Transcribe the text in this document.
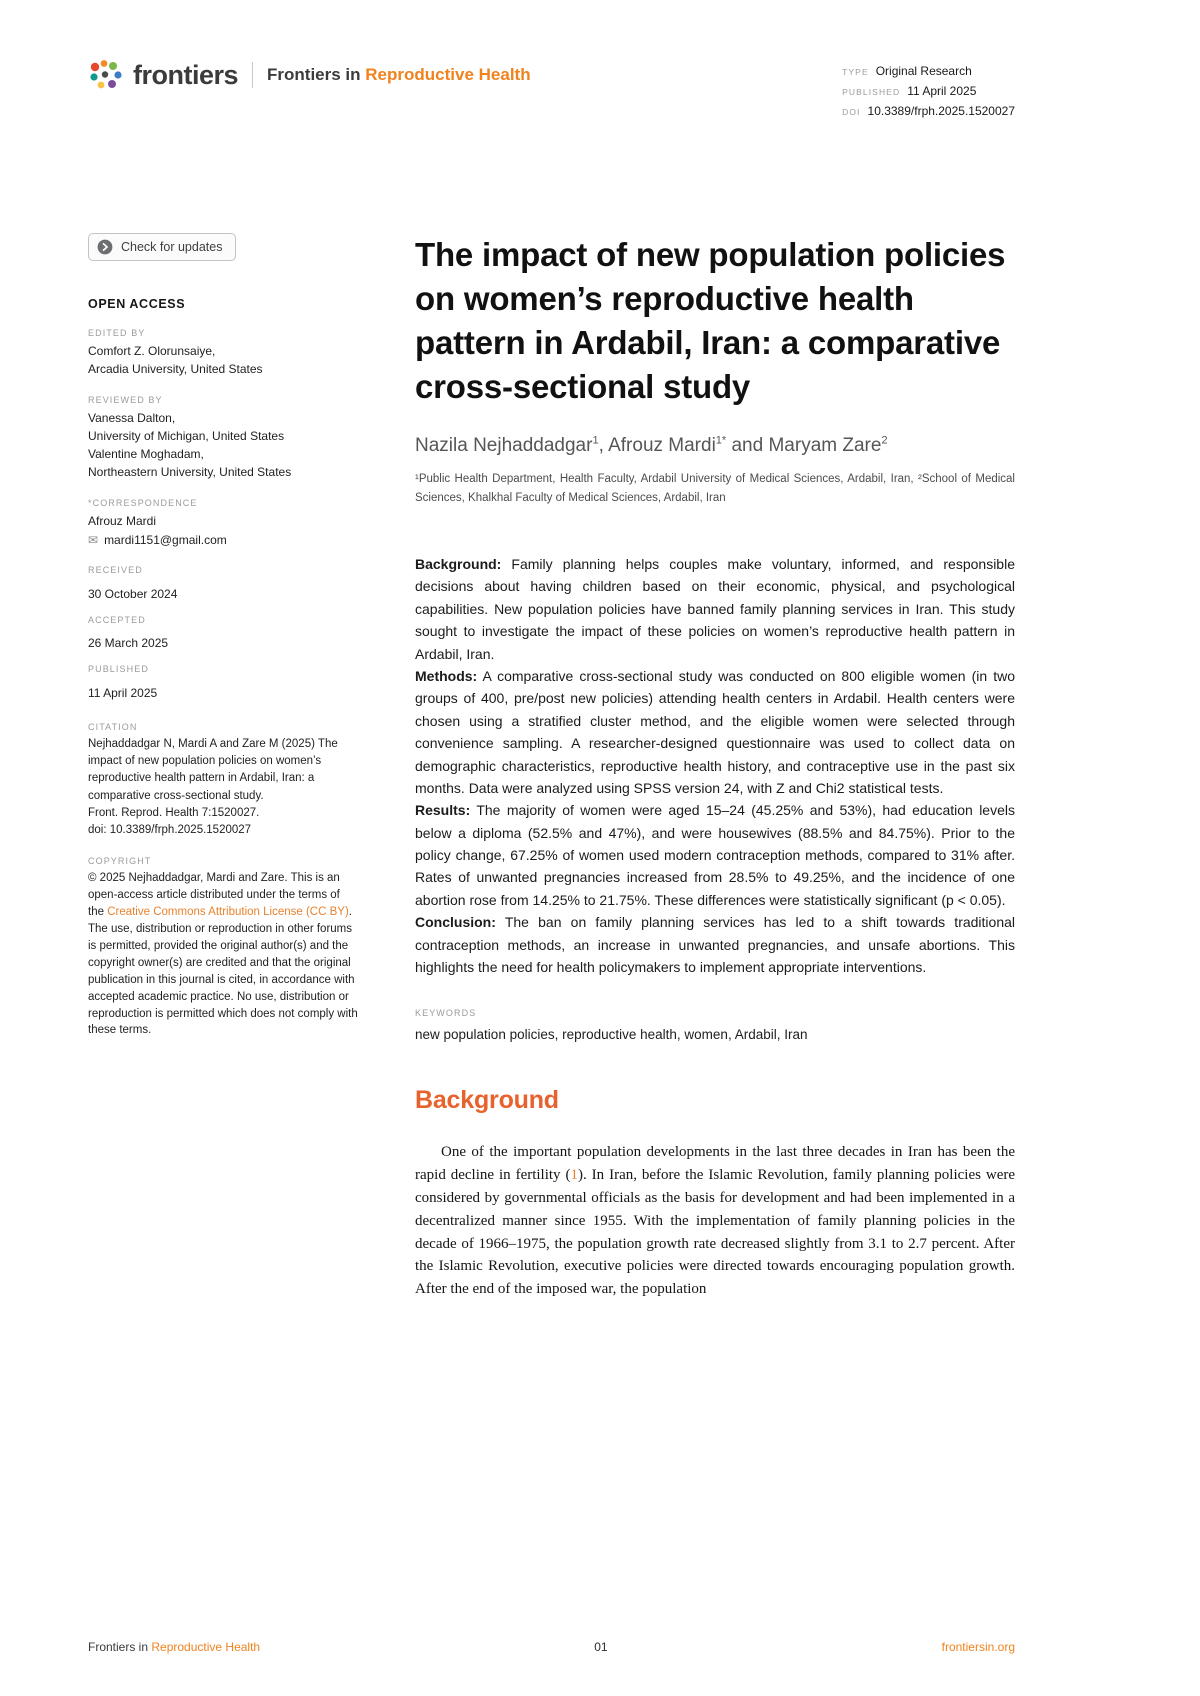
frontiers Frontiers in Reproductive Health	TYPE Original Research
PUBLISHED 11 April 2025
DOI 10.3389/frph.2025.1520027
Check for updates
OPEN ACCESS
EDITED BY
Comfort Z. Olorunsaiye,
Arcadia University, United States
REVIEWED BY
Vanessa Dalton,
University of Michigan, United States
Valentine Moghadam,
Northeastern University, United States
*CORRESPONDENCE
Afrouz Mardi
✉ mardi1151@gmail.com
RECEIVED
30 October 2024
ACCEPTED
26 March 2025
PUBLISHED
11 April 2025
CITATION
Nejhaddadgar N, Mardi A and Zare M (2025) The impact of new population policies on women’s reproductive health pattern in Ardabil, Iran: a comparative cross-sectional study.
Front. Reprod. Health 7:1520027.
doi: 10.3389/frph.2025.1520027
COPYRIGHT
© 2025 Nejhaddadgar, Mardi and Zare. This is an open-access article distributed under the terms of the Creative Commons Attribution License (CC BY). The use, distribution or reproduction in other forums is permitted, provided the original author(s) and the copyright owner(s) are credited and that the original publication in this journal is cited, in accordance with accepted academic practice. No use, distribution or reproduction is permitted which does not comply with these terms.
The impact of new population policies on women’s reproductive health pattern in Ardabil, Iran: a comparative cross-sectional study
Nazila Nejhaddadgar$^1$, Afrouz Mardi$^{1*}$ and Maryam Zare$^2$
¹Public Health Department, Health Faculty, Ardabil University of Medical Sciences, Ardabil, Iran, ²School of Medical Sciences, Khalkhal Faculty of Medical Sciences, Ardabil, Iran

Background: Family planning helps couples make voluntary, informed, and responsible decisions about having children based on their economic, physical, and psychological capabilities. New population policies have banned family planning services in Iran. This study sought to investigate the impact of these policies on women’s reproductive health pattern in Ardabil, Iran.

Methods: A comparative cross-sectional study was conducted on 800 eligible women (in two groups of 400, pre/post new policies) attending health centers in Ardabil. Health centers were chosen using a stratified cluster method, and the eligible women were selected through convenience sampling. A researcher-designed questionnaire was used to collect data on demographic characteristics, reproductive health history, and contraceptive use in the past six months. Data were analyzed using SPSS version 24, with Z and Chi2 statistical tests.

Results: The majority of women were aged 15–24 (45.25% and 53%), had education levels below a diploma (52.5% and 47%), and were housewives (88.5% and 84.75%). Prior to the policy change, 67.25% of women used modern contraception methods, compared to 31% after. Rates of unwanted pregnancies increased from 28.5% to 49.25%, and the incidence of one abortion rose from 14.25% to 21.75%. These differences were statistically significant (p < 0.05).

Conclusion: The ban on family planning services has led to a shift towards traditional contraception methods, an increase in unwanted pregnancies, and unsafe abortions. This highlights the need for health policymakers to implement appropriate interventions.

KEYWORDS
new population policies, reproductive health, women, Ardabil, Iran
Background

One of the important population developments in the last three decades in Iran has been the rapid decline in fertility (1). In Iran, before the Islamic Revolution, family planning policies were considered by governmental officials as the basis for development and had been implemented in a decentralized manner since 1955. With the implementation of family planning policies in the decade of 1966–1975, the population growth rate decreased slightly from 3.1 to 2.7 percent. After the Islamic Revolution, executive policies were directed towards encouraging population growth. After the end of the imposed war, the population

Frontiers in Reproductive Health	01	frontiersin.org
